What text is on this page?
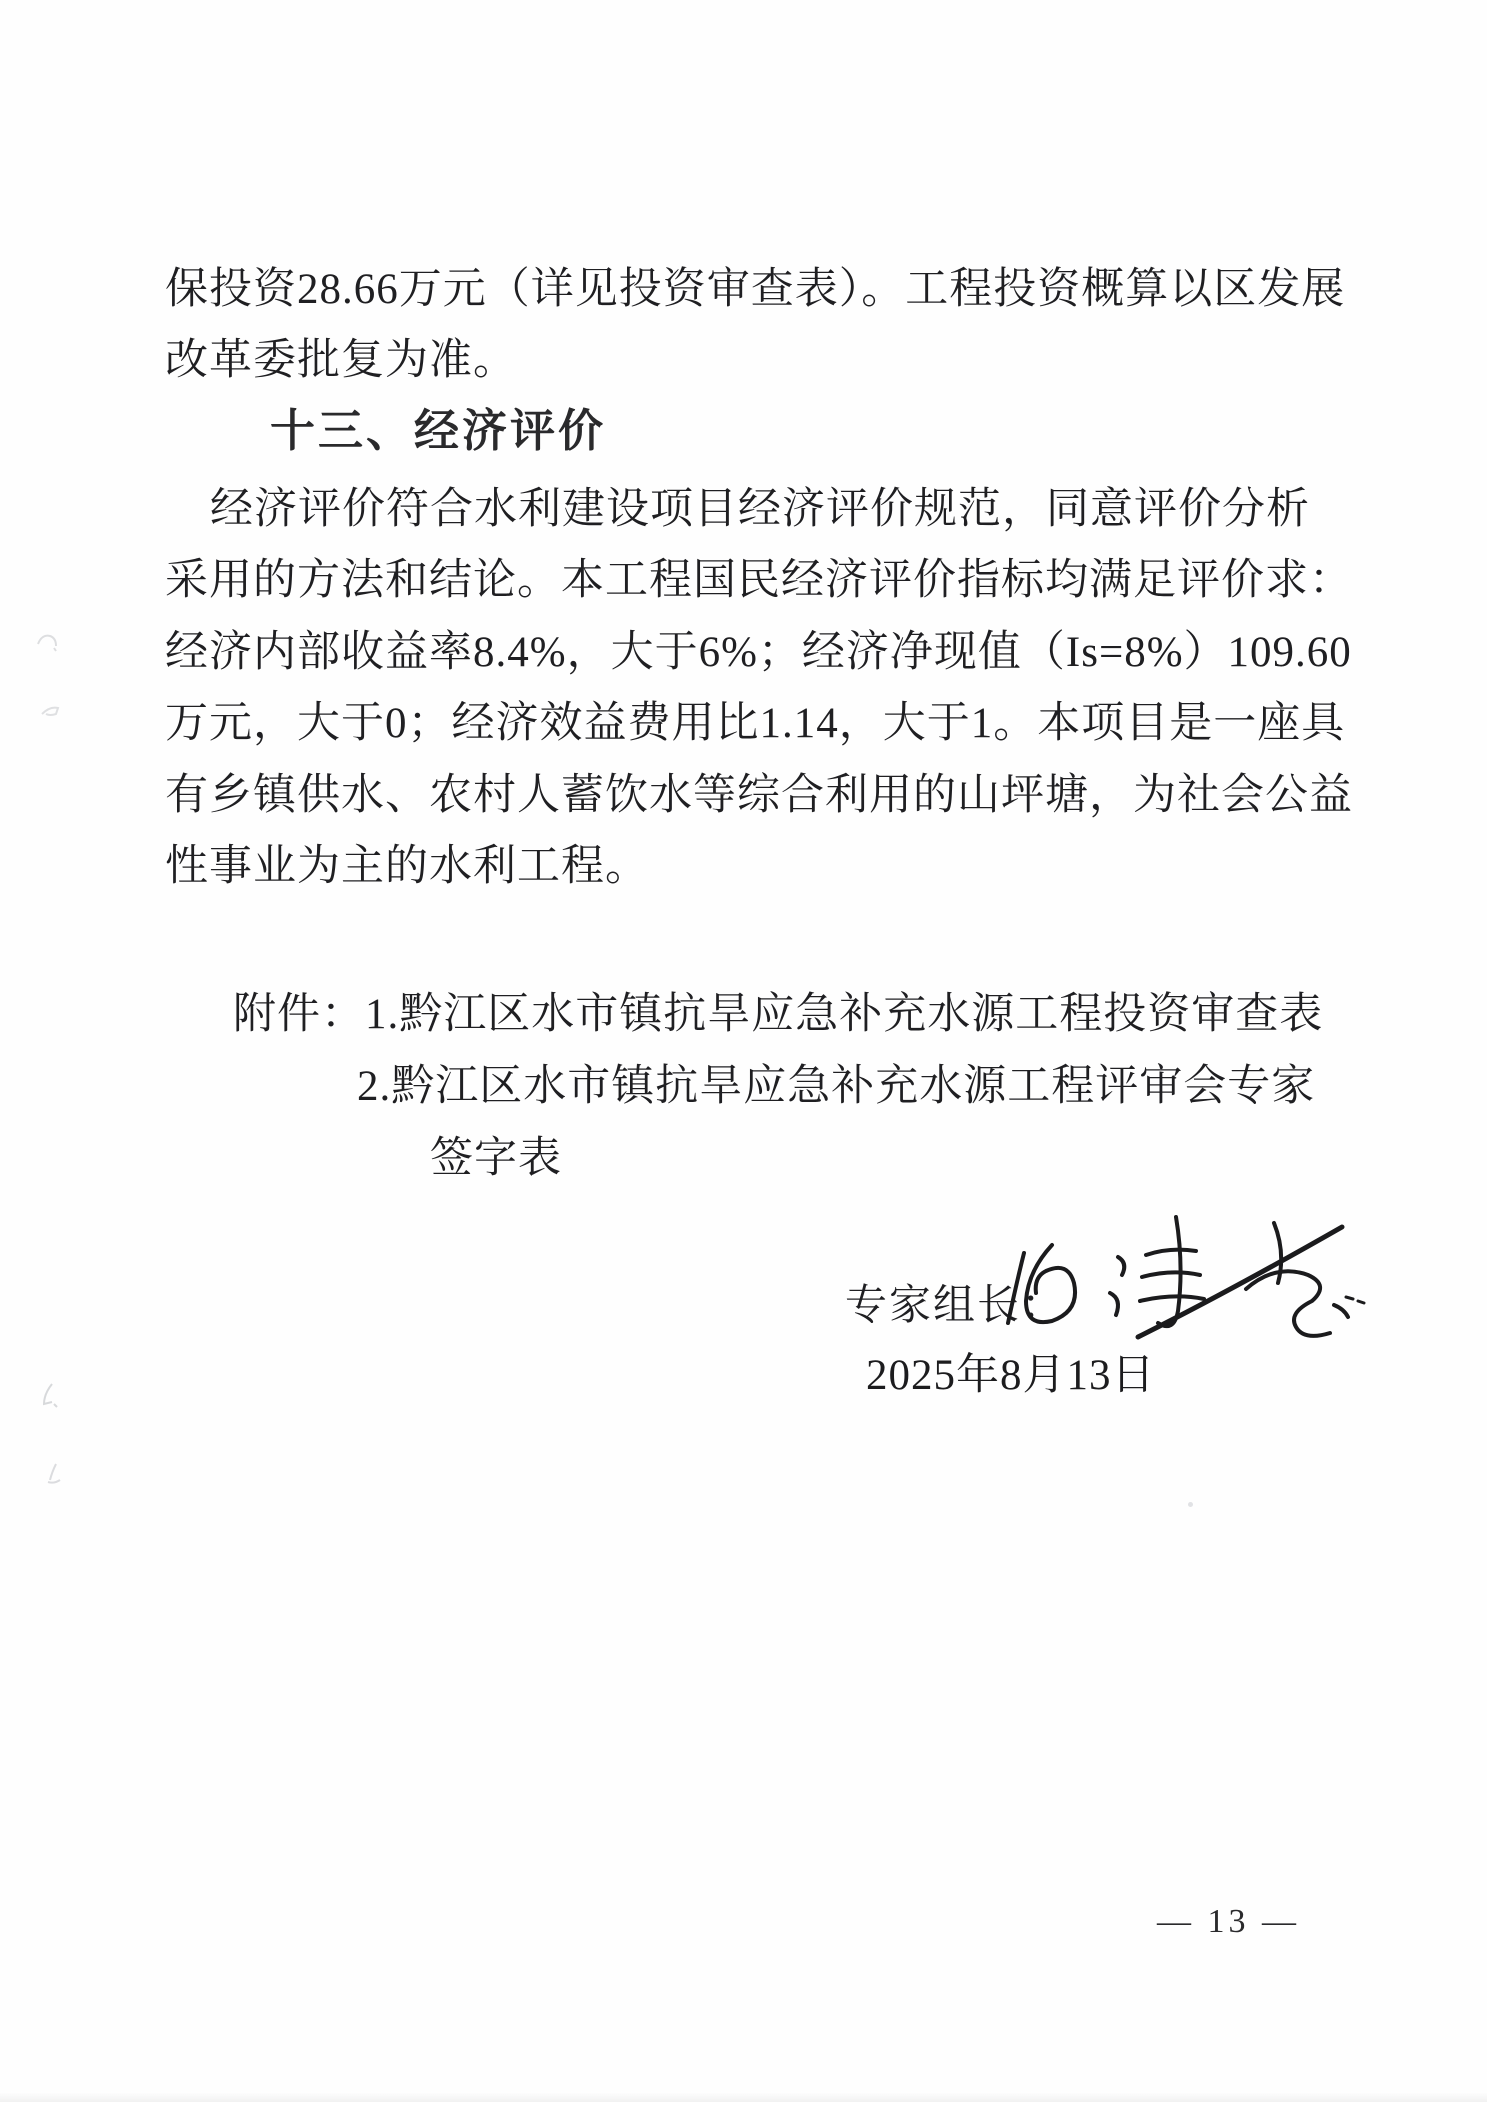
保投资28.66万元（详见投资审查表）。工程投资概算以区发展
改革委批复为准。
十三、经济评价
经济评价符合水利建设项目经济评价规范，同意评价分析
采用的方法和结论。本工程国民经济评价指标均满足评价求：
经济内部收益率8.4%，大于6%；经济净现值（Is=8%）109.60
万元，大于0；经济效益费用比1.14，大于1。本项目是一座具
有乡镇供水、农村人蓄饮水等综合利用的山坪塘，为社会公益
性事业为主的水利工程。
附件：1.黔江区水市镇抗旱应急补充水源工程投资审查表
2.黔江区水市镇抗旱应急补充水源工程评审会专家
签字表
专家组长：
2025年8月13日
— 13 —
